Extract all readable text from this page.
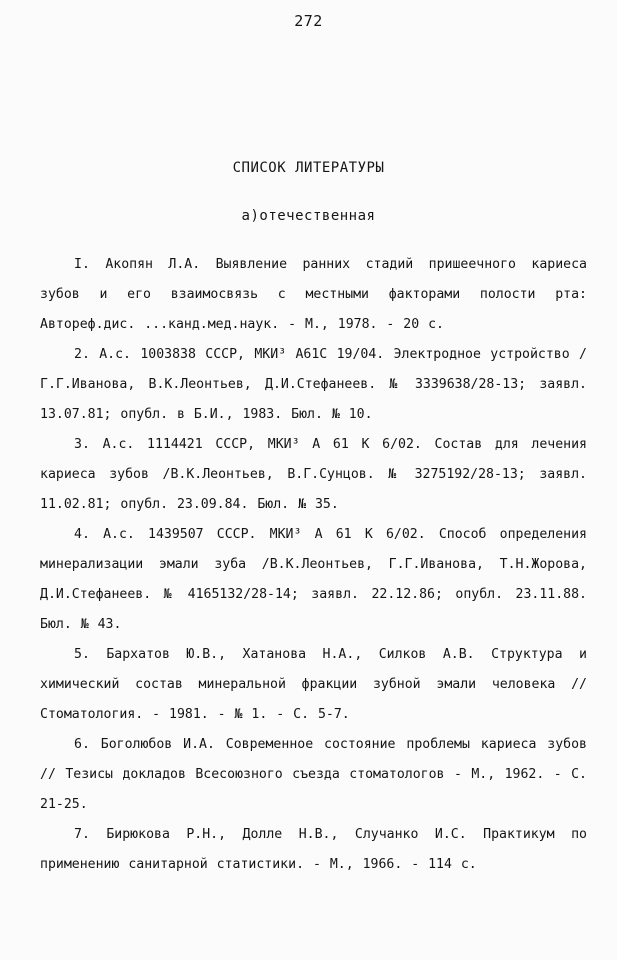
272
СПИСОК ЛИТЕРАТУРЫ
а)отечественная

I. Акопян Л.А. Выявление ранних стадий пришеечного кариеса зубов и его взаимосвязь с местными факторами полости рта: Автореф.дис. ...канд.мед.наук. - М., 1978. - 20 с.

2. А.с. 1003838 СССР, МКИ³ А61С 19/04. Электродное устройство /Г.Г.Иванова, В.К.Леонтьев, Д.И.Стефанеев. № 3339638/28-13; заявл. 13.07.81; опубл. в Б.И., 1983. Бюл. № 10.

3. А.с. 1114421 СССР, МКИ³ А 61 К 6/02. Состав для лечения кариеса зубов /В.К.Леонтьев, В.Г.Сунцов. № 3275192/28-13; заявл. 11.02.81; опубл. 23.09.84. Бюл. № 35.

4. А.с. 1439507 СССР. МКИ³ А 61 К 6/02. Способ определения минерализации эмали зуба /В.К.Леонтьев, Г.Г.Иванова, Т.Н.Жорова, Д.И.Стефанеев. № 4165132/28-14; заявл. 22.12.86; опубл. 23.11.88. Бюл. № 43.

5. Бархатов Ю.В., Хатанова Н.А., Силков А.В. Структура и химический состав минеральной фракции зубной эмали человека // Стоматология. - 1981. - № 1. - С. 5-7.

6. Боголюбов И.А. Современное состояние проблемы кариеса зубов // Тезисы докладов Всесоюзного съезда стоматологов - М., 1962. - С. 21-25.

7. Бирюкова Р.Н., Долле Н.В., Случанко И.С. Практикум по применению санитарной статистики. - М., 1966. - 114 с.
